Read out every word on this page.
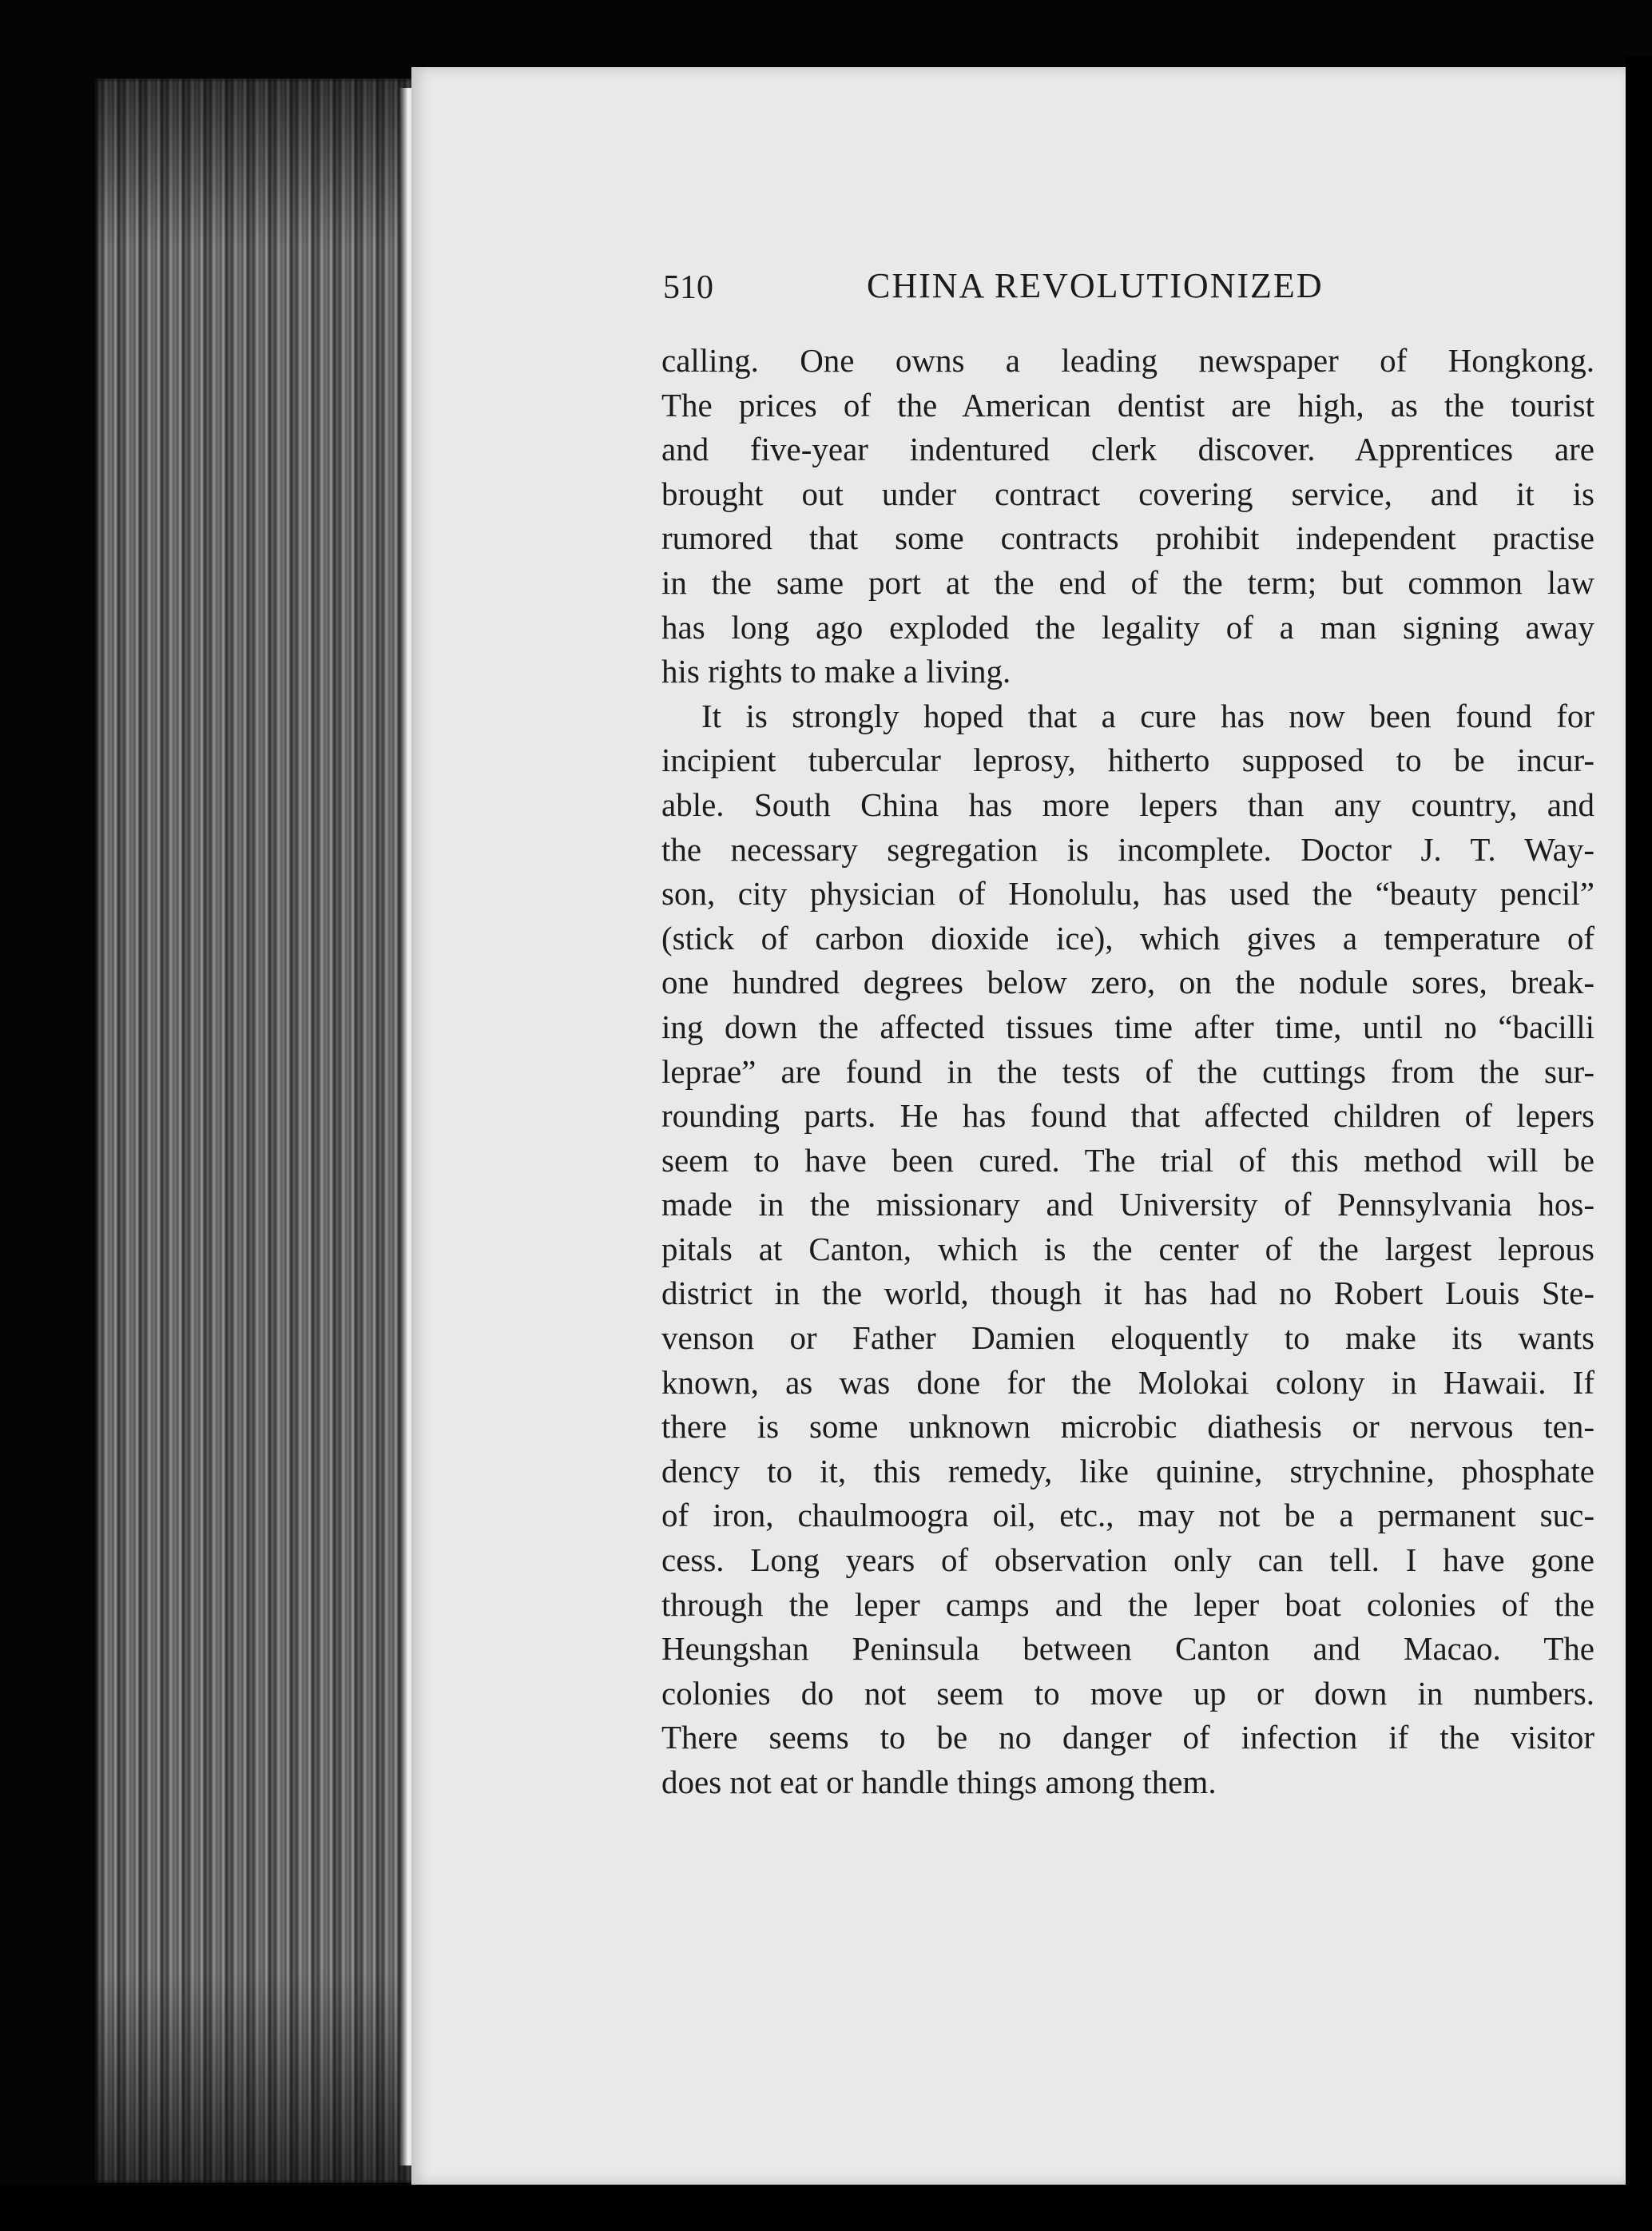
510	CHINA REVOLUTIONIZED
calling. One owns a leading newspaper of Hongkong.
The prices of the American dentist are high, as the tourist
and five-year indentured clerk discover. Apprentices are
brought out under contract covering service, and it is
rumored that some contracts prohibit independent practise
in the same port at the end of the term; but common law
has long ago exploded the legality of a man signing away
his rights to make a living.
It is strongly hoped that a cure has now been found for
incipient tubercular leprosy, hitherto supposed to be incur-
able. South China has more lepers than any country, and
the necessary segregation is incomplete. Doctor J. T. Way-
son, city physician of Honolulu, has used the “beauty pencil”
(stick of carbon dioxide ice), which gives a temperature of
one hundred degrees below zero, on the nodule sores, break-
ing down the affected tissues time after time, until no “bacilli
leprae” are found in the tests of the cuttings from the sur-
rounding parts. He has found that affected children of lepers
seem to have been cured. The trial of this method will be
made in the missionary and University of Pennsylvania hos-
pitals at Canton, which is the center of the largest leprous
district in the world, though it has had no Robert Louis Ste-
venson or Father Damien eloquently to make its wants
known, as was done for the Molokai colony in Hawaii. If
there is some unknown microbic diathesis or nervous ten-
dency to it, this remedy, like quinine, strychnine, phosphate
of iron, chaulmoogra oil, etc., may not be a permanent suc-
cess. Long years of observation only can tell. I have gone
through the leper camps and the leper boat colonies of the
Heungshan Peninsula between Canton and Macao. The
colonies do not seem to move up or down in numbers.
There seems to be no danger of infection if the visitor
does not eat or handle things among them.
